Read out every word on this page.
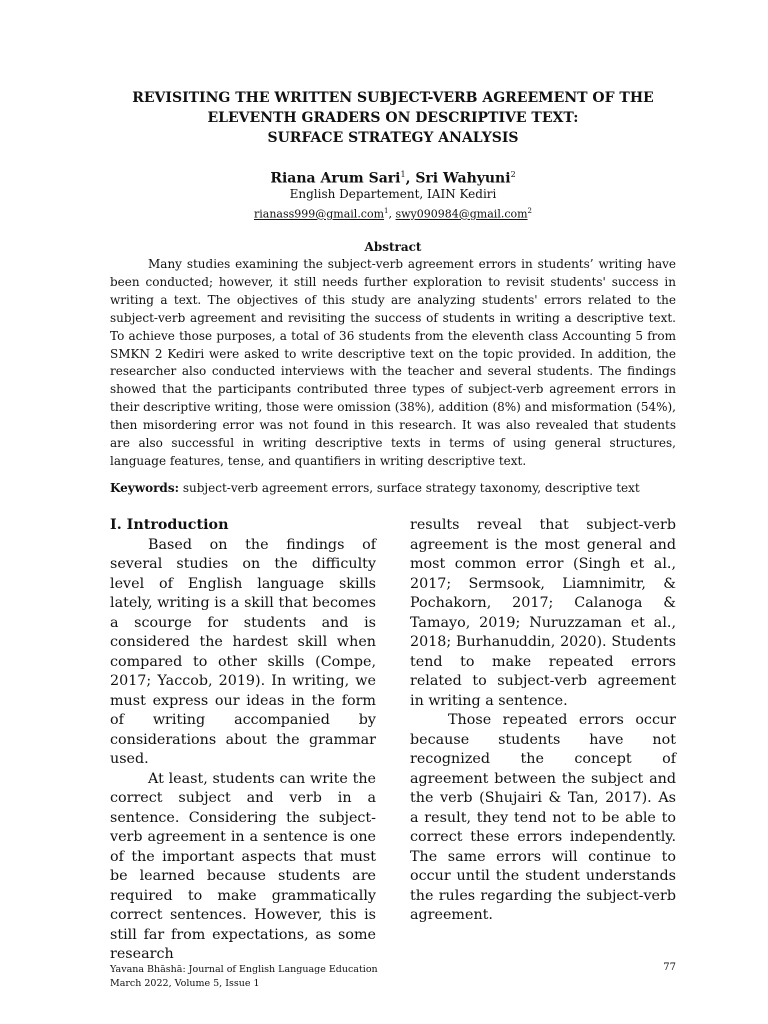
REVISITING THE WRITTEN SUBJECT-VERB AGREEMENT OF THE
ELEVENTH GRADERS ON DESCRIPTIVE TEXT:
SURFACE STRATEGY ANALYSIS
Riana Arum Sari$^1$, Sri Wahyuni$^2$
English Departement, IAIN Kediri
rianass999@gmail.com$^1$, swy090984@gmail.com$^2$
Abstract

Many studies examining the subject-verb agreement errors in students’ writing have been conducted; however, it still needs further exploration to revisit students' success in writing a text. The objectives of this study are analyzing students' errors related to the subject-verb agreement and revisiting the success of students in writing a descriptive text. To achieve those purposes, a total of 36 students from the eleventh class Accounting 5 from SMKN 2 Kediri were asked to write descriptive text on the topic provided. In addition, the researcher also conducted interviews with the teacher and several students. The findings showed that the participants contributed three types of subject-verb agreement errors in their descriptive writing, those were omission (38%), addition (8%) and misformation (54%), then misordering error was not found in this research. It was also revealed that students are also successful in writing descriptive texts in terms of using general structures, language features, tense, and quantifiers in writing descriptive text.

Keywords: subject-verb agreement errors, surface strategy taxonomy, descriptive text

I. Introduction

Based on the findings of several studies on the difficulty level of English language skills lately, writing is a skill that becomes a scourge for students and is considered the hardest skill when compared to other skills (Compe, 2017; Yaccob, 2019). In writing, we must express our ideas in the form of writing accompanied by considerations about the grammar used.

At least, students can write the correct subject and verb in a sentence. Considering the subject-verb agreement in a sentence is one of the important aspects that must be learned because students are required to make grammatically correct sentences. However, this is still far from expectations, as some research

results reveal that subject-verb agreement is the most general and most common error (Singh et al., 2017; Sermsook, Liamnimitr, & Pochakorn, 2017; Calanoga & Tamayo, 2019; Nuruzzaman et al., 2018; Burhanuddin, 2020). Students tend to make repeated errors related to subject-verb agreement in writing a sentence.

Those repeated errors occur because students have not recognized the concept of agreement between the subject and the verb (Shujairi & Tan, 2017). As a result, they tend not to be able to correct these errors independently. The same errors will continue to occur until the student understands the rules regarding the subject-verb agreement.

Yavana Bhāshā: Journal of English Language Education
March 2022, Volume 5, Issue 1
77
